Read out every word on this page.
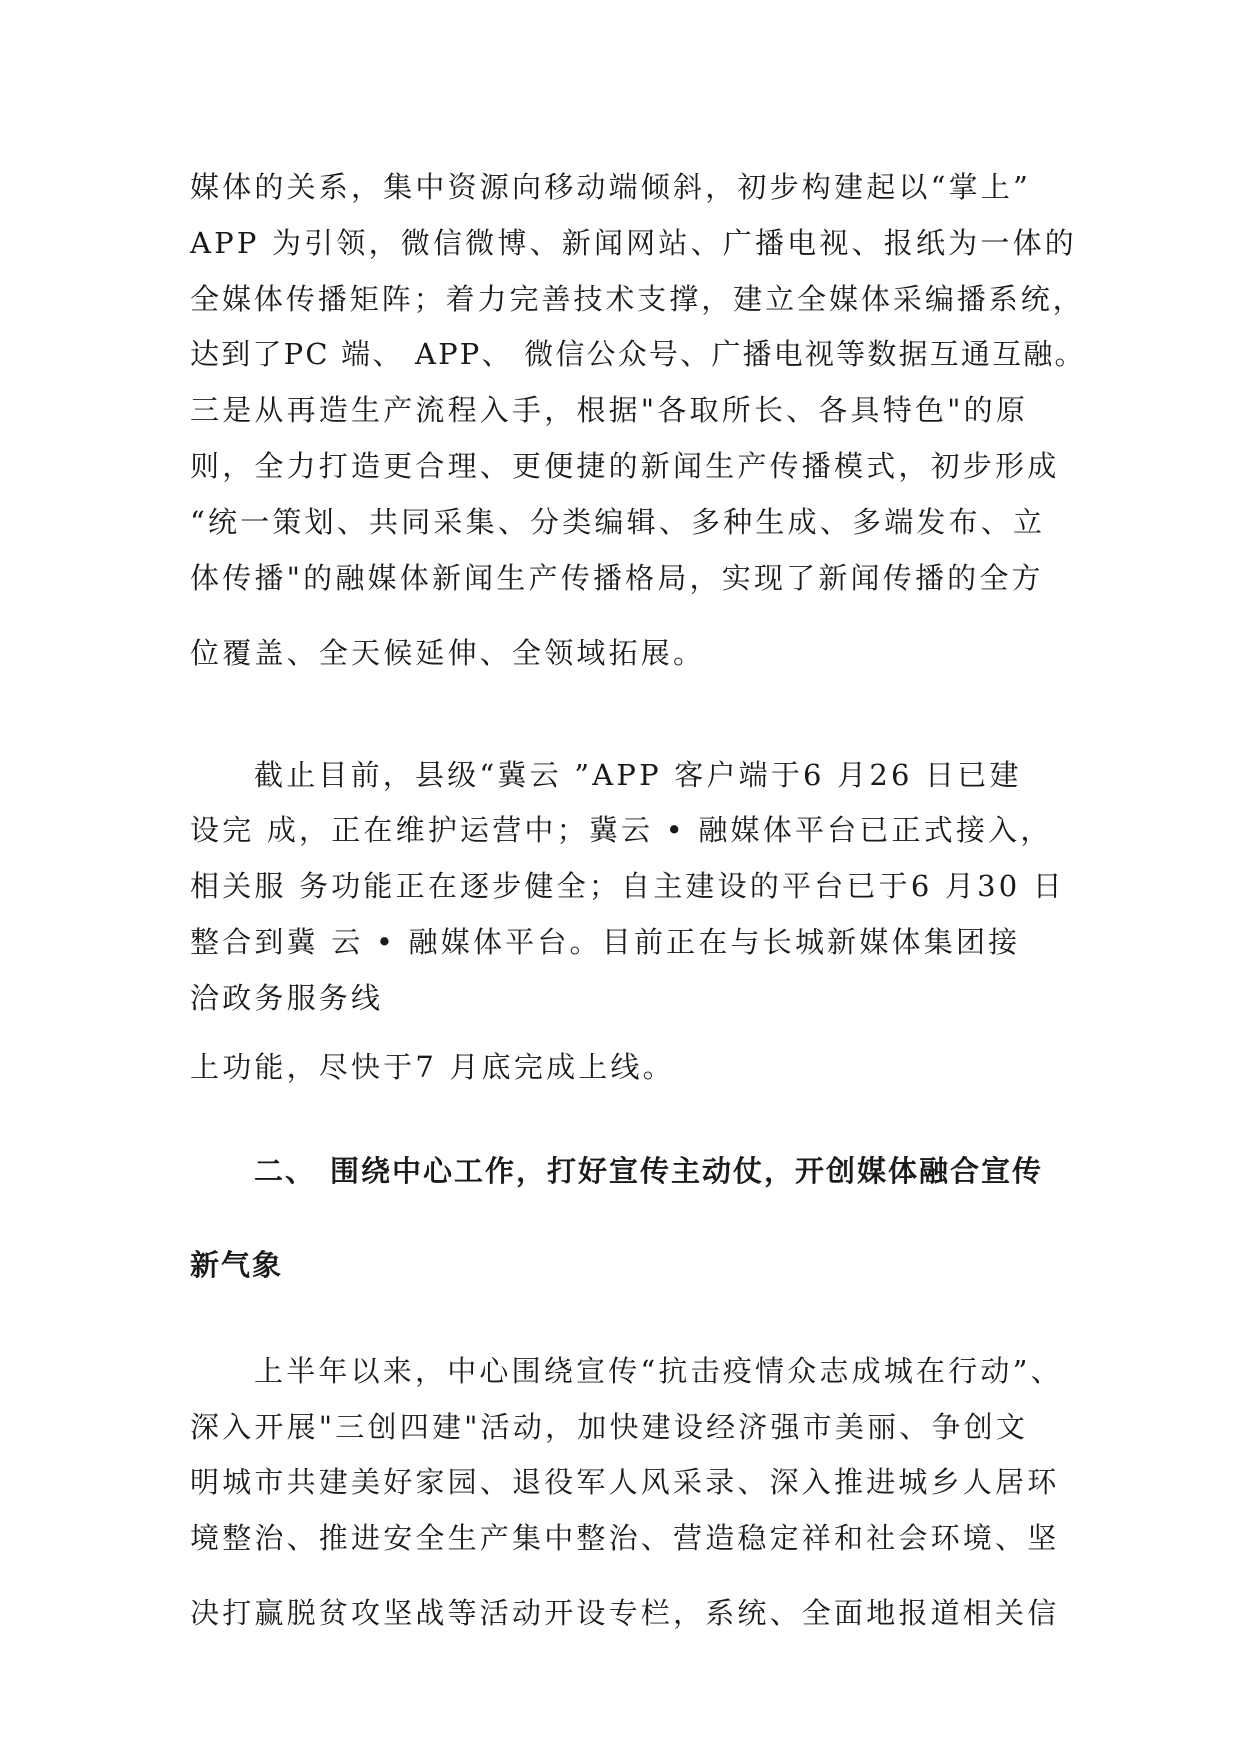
媒体的关系，集中资源向移动端倾斜，初步构建起以“掌上”
APP 为引领，微信微博、新闻网站、广播电视、报纸为一体的
全媒体传播矩阵；着力完善技术支撑，建立全媒体采编播系统，
达到了PC 端、 APP、 微信公众号、广播电视等数据互通互融。
三是从再造生产流程入手，根据"各取所长、各具特色"的原
则，全力打造更合理、更便捷的新闻生产传播模式，初步形成
“统一策划、共同采集、分类编辑、多种生成、多端发布、立
体传播"的融媒体新闻生产传播格局，实现了新闻传播的全方
位覆盖、全天候延伸、全领域拓展。
截止目前，县级“冀云 ”APP 客户端于6 月26 日已建
设完 成，正在维护运营中；冀云 • 融媒体平台已正式接入，
相关服 务功能正在逐步健全；自主建设的平台已于6 月30 日
整合到冀 云 • 融媒体平台。目前正在与长城新媒体集团接
洽政务服务线
上功能，尽快于7 月底完成上线。
二、 围绕中心工作，打好宣传主动仗，开创媒体融合宣传
新气象
上半年以来，中心围绕宣传“抗击疫情众志成城在行动”、
深入开展"三创四建"活动，加快建设经济强市美丽、争创文
明城市共建美好家园、退役军人风采录、深入推进城乡人居环
境整治、推进安全生产集中整治、营造稳定祥和社会环境、坚
决打赢脱贫攻坚战等活动开设专栏，系统、全面地报道相关信
